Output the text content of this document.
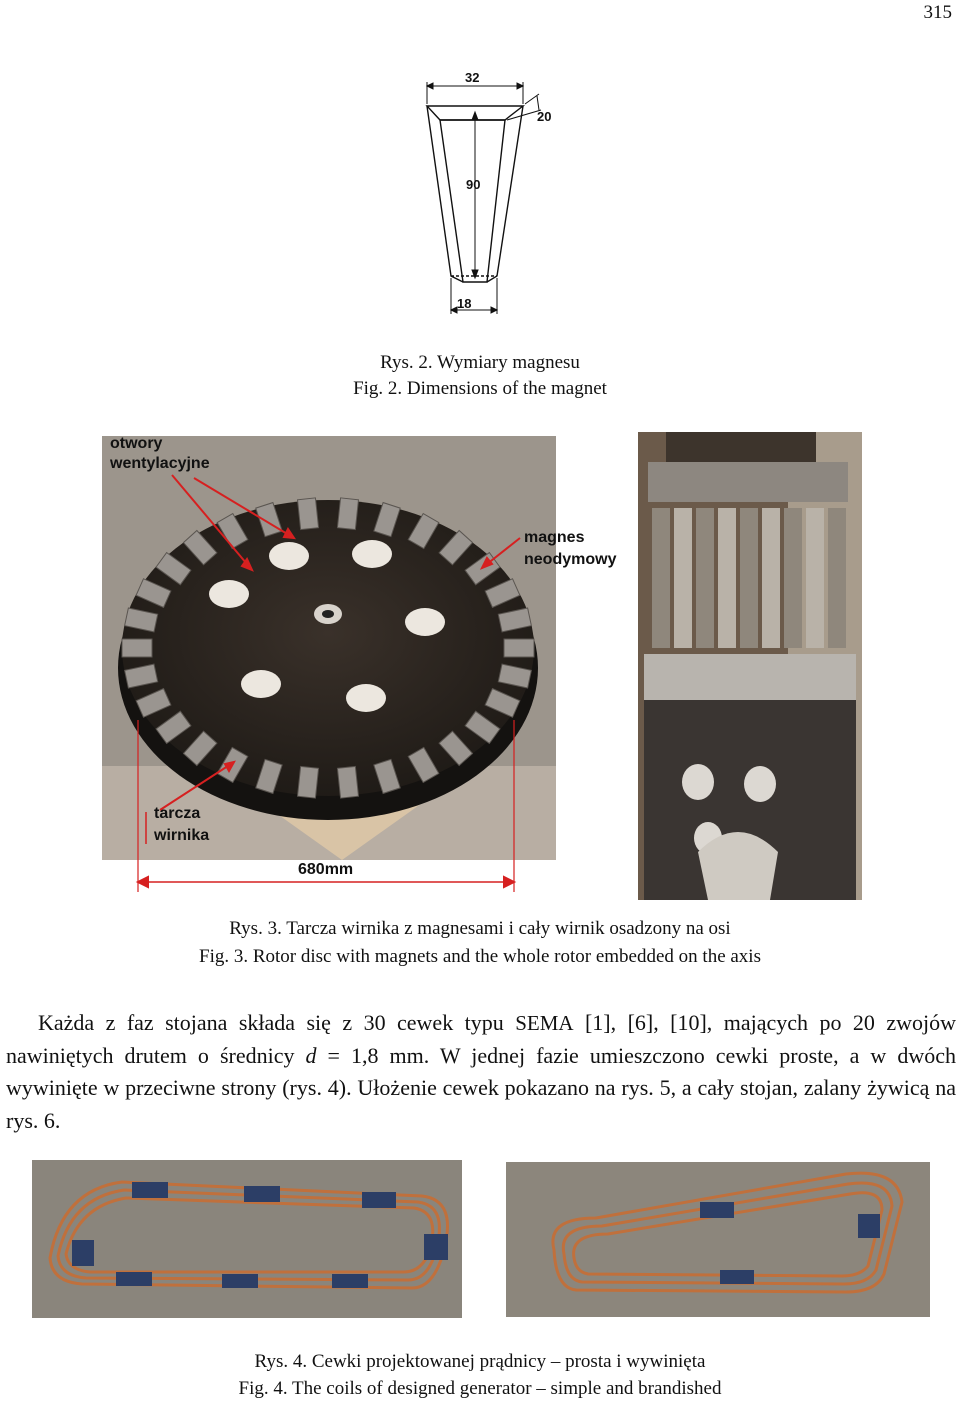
315
32
20
90
18
Rys. 2. Wymiary magnesu
Fig. 2. Dimensions of the magnet
otwory
wentylacyjne
magnes
neodymowy
tarcza
wirnika
680mm
Rys. 3. Tarcza wirnika z magnesami i cały wirnik osadzony na osi
Fig. 3. Rotor disc with magnets and the whole rotor embedded on the axis

Każda z faz stojana składa się z 30 cewek typu SEMA [1], [6], [10], mających po 20 zwojów nawiniętych drutem o średnicy d = 1,8 mm. W jednej fazie umieszczono cewki proste, a w dwóch wywinięte w przeciwne strony (rys. 4). Ułożenie cewek pokazano na rys. 5, a cały stojan, zalany żywicą na rys. 6.

Rys. 4. Cewki projektowanej prądnicy – prosta i wywinięta
Fig. 4. The coils of designed generator – simple and brandished
